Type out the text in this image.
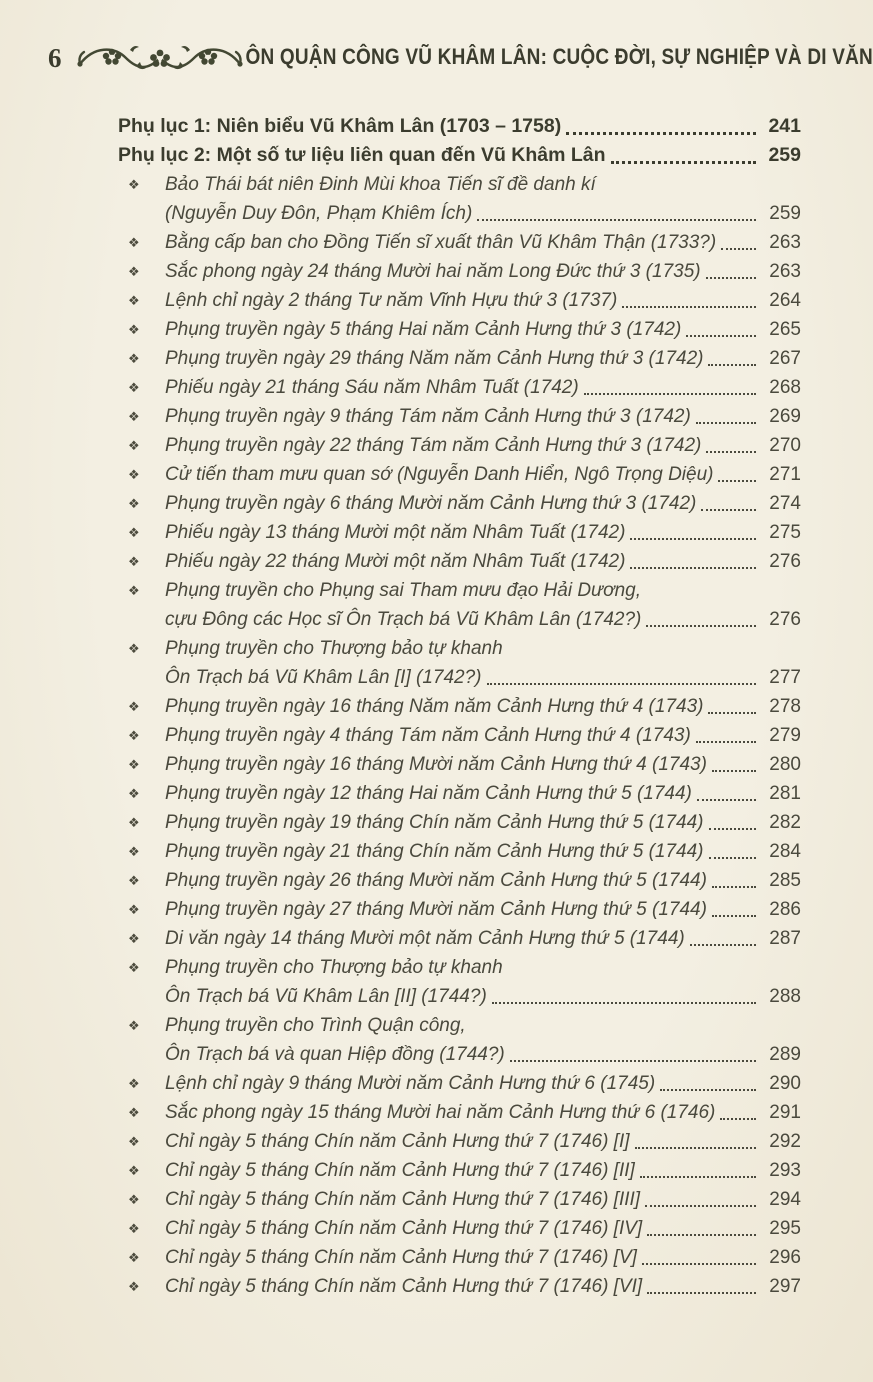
6	ÔN QUẬN CÔNG VŨ KHÂM LÂN: CUỘC ĐỜI, SỰ NGHIỆP VÀ DI VĂN
Phụ lục 1: Niên biểu Vũ Khâm Lân (1703 – 1758)	241
Phụ lục 2: Một số tư liệu liên quan đến Vũ Khâm Lân	259
❖	Bảo Thái bát niên Đinh Mùi khoa Tiến sĩ đề danh kí
(Nguyễn Duy Đôn, Phạm Khiêm Ích)	259
❖	Bằng cấp ban cho Đồng Tiến sĩ xuất thân Vũ Khâm Thận (1733?)	263
❖	Sắc phong ngày 24 tháng Mười hai năm Long Đức thứ 3 (1735)	263
❖	Lệnh chỉ ngày 2 tháng Tư năm Vĩnh Hựu thứ 3 (1737)	264
❖	Phụng truyền ngày 5 tháng Hai năm Cảnh Hưng thứ 3 (1742)	265
❖	Phụng truyền ngày 29 tháng Năm năm Cảnh Hưng thứ 3 (1742)	267
❖	Phiếu ngày 21 tháng Sáu năm Nhâm Tuất (1742)	268
❖	Phụng truyền ngày 9 tháng Tám năm Cảnh Hưng thứ 3 (1742)	269
❖	Phụng truyền ngày 22 tháng Tám năm Cảnh Hưng thứ 3 (1742)	270
❖	Cử tiến tham mưu quan sớ (Nguyễn Danh Hiển, Ngô Trọng Diệu)	271
❖	Phụng truyền ngày 6 tháng Mười năm Cảnh Hưng thứ 3 (1742)	274
❖	Phiếu ngày 13 tháng Mười một năm Nhâm Tuất (1742)	275
❖	Phiếu ngày 22 tháng Mười một năm Nhâm Tuất (1742)	276
❖	Phụng truyền cho Phụng sai Tham mưu đạo Hải Dương,
cựu Đông các Học sĩ Ôn Trạch bá Vũ Khâm Lân (1742?)	276
❖	Phụng truyền cho Thượng bảo tự khanh
Ôn Trạch bá Vũ Khâm Lân [I] (1742?)	277
❖	Phụng truyền ngày 16 tháng Năm năm Cảnh Hưng thứ 4 (1743)	278
❖	Phụng truyền ngày 4 tháng Tám năm Cảnh Hưng thứ 4 (1743)	279
❖	Phụng truyền ngày 16 tháng Mười năm Cảnh Hưng thứ 4 (1743)	280
❖	Phụng truyền ngày 12 tháng Hai năm Cảnh Hưng thứ 5 (1744)	281
❖	Phụng truyền ngày 19 tháng Chín năm Cảnh Hưng thứ 5 (1744)	282
❖	Phụng truyền ngày 21 tháng Chín năm Cảnh Hưng thứ 5 (1744)	284
❖	Phụng truyền ngày 26 tháng Mười năm Cảnh Hưng thứ 5 (1744)	285
❖	Phụng truyền ngày 27 tháng Mười năm Cảnh Hưng thứ 5 (1744)	286
❖	Di văn ngày 14 tháng Mười một năm Cảnh Hưng thứ 5 (1744)	287
❖	Phụng truyền cho Thượng bảo tự khanh
Ôn Trạch bá Vũ Khâm Lân [II] (1744?)	288
❖	Phụng truyền cho Trình Quận công,
Ôn Trạch bá và quan Hiệp đồng (1744?)	289
❖	Lệnh chỉ ngày 9 tháng Mười năm Cảnh Hưng thứ 6 (1745)	290
❖	Sắc phong ngày 15 tháng Mười hai năm Cảnh Hưng thứ 6 (1746)	291
❖	Chỉ ngày 5 tháng Chín năm Cảnh Hưng thứ 7 (1746) [I]	292
❖	Chỉ ngày 5 tháng Chín năm Cảnh Hưng thứ 7 (1746) [II]	293
❖	Chỉ ngày 5 tháng Chín năm Cảnh Hưng thứ 7 (1746) [III]	294
❖	Chỉ ngày 5 tháng Chín năm Cảnh Hưng thứ 7 (1746) [IV]	295
❖	Chỉ ngày 5 tháng Chín năm Cảnh Hưng thứ 7 (1746) [V]	296
❖	Chỉ ngày 5 tháng Chín năm Cảnh Hưng thứ 7 (1746) [VI]	297
